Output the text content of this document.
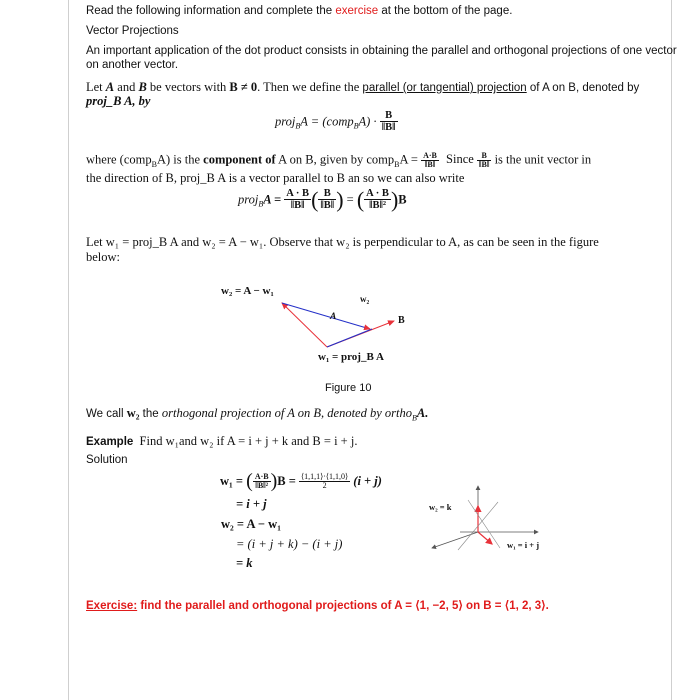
Read the following information and complete the exercise at the bottom of the page.
Vector Projections
An important application of the dot product consists in obtaining the parallel and orthogonal projections of one vector
on another vector.
Let A and B be vectors with B ≠ 0. Then we define the parallel (or tangential) projection of A on B, denoted by
proj_B A, by
proj$_B$A = (comp$_B$A) · $\frac{B}{‖B‖}$
where (comp$_B$A) is the component of A on B, given by comp$_B$A = $\frac{A\cdot B}{‖B‖}$ Since $\frac{B}{‖B‖}$ is the unit vector in
the direction of B, proj_B A is a vector parallel to B an so we can also write
proj$_B$A = $\frac{A \cdot B}{‖B‖}$ ( $\frac{B}{‖B‖}$ ) = ( $\frac{A \cdot B}{\text{‖B‖²}} )B$
Let w₁ = proj_B A and w₂ = A − w₁. Observe that w₂ is perpendicular to A, as can be seen in the figure
below:
w₂ = A − w₁
w₂
A	B
w₁ = proj_B A
Figure 10
We call w₂ the orthogonal projection of A on B, denoted by ortho$_B$A.
Example Find w₁and w₂ if A = i + j + k and B = i + j.
Solution
w₁ = ( $\frac{A\cdot B}{\text{‖B‖²}} )B = \frac{⟨1,1,1⟩\cdot⟨1,1,0⟩}{2} (i + j)$
= i + j
w₂ = A − w₁
= (i + j + k) − (i + j)
= k
w₂ = k
w₁ = i + j
Exercise: find the parallel and orthogonal projections of A = ⟨1, −2, 5⟩ on B = ⟨1, 2, 3⟩.
